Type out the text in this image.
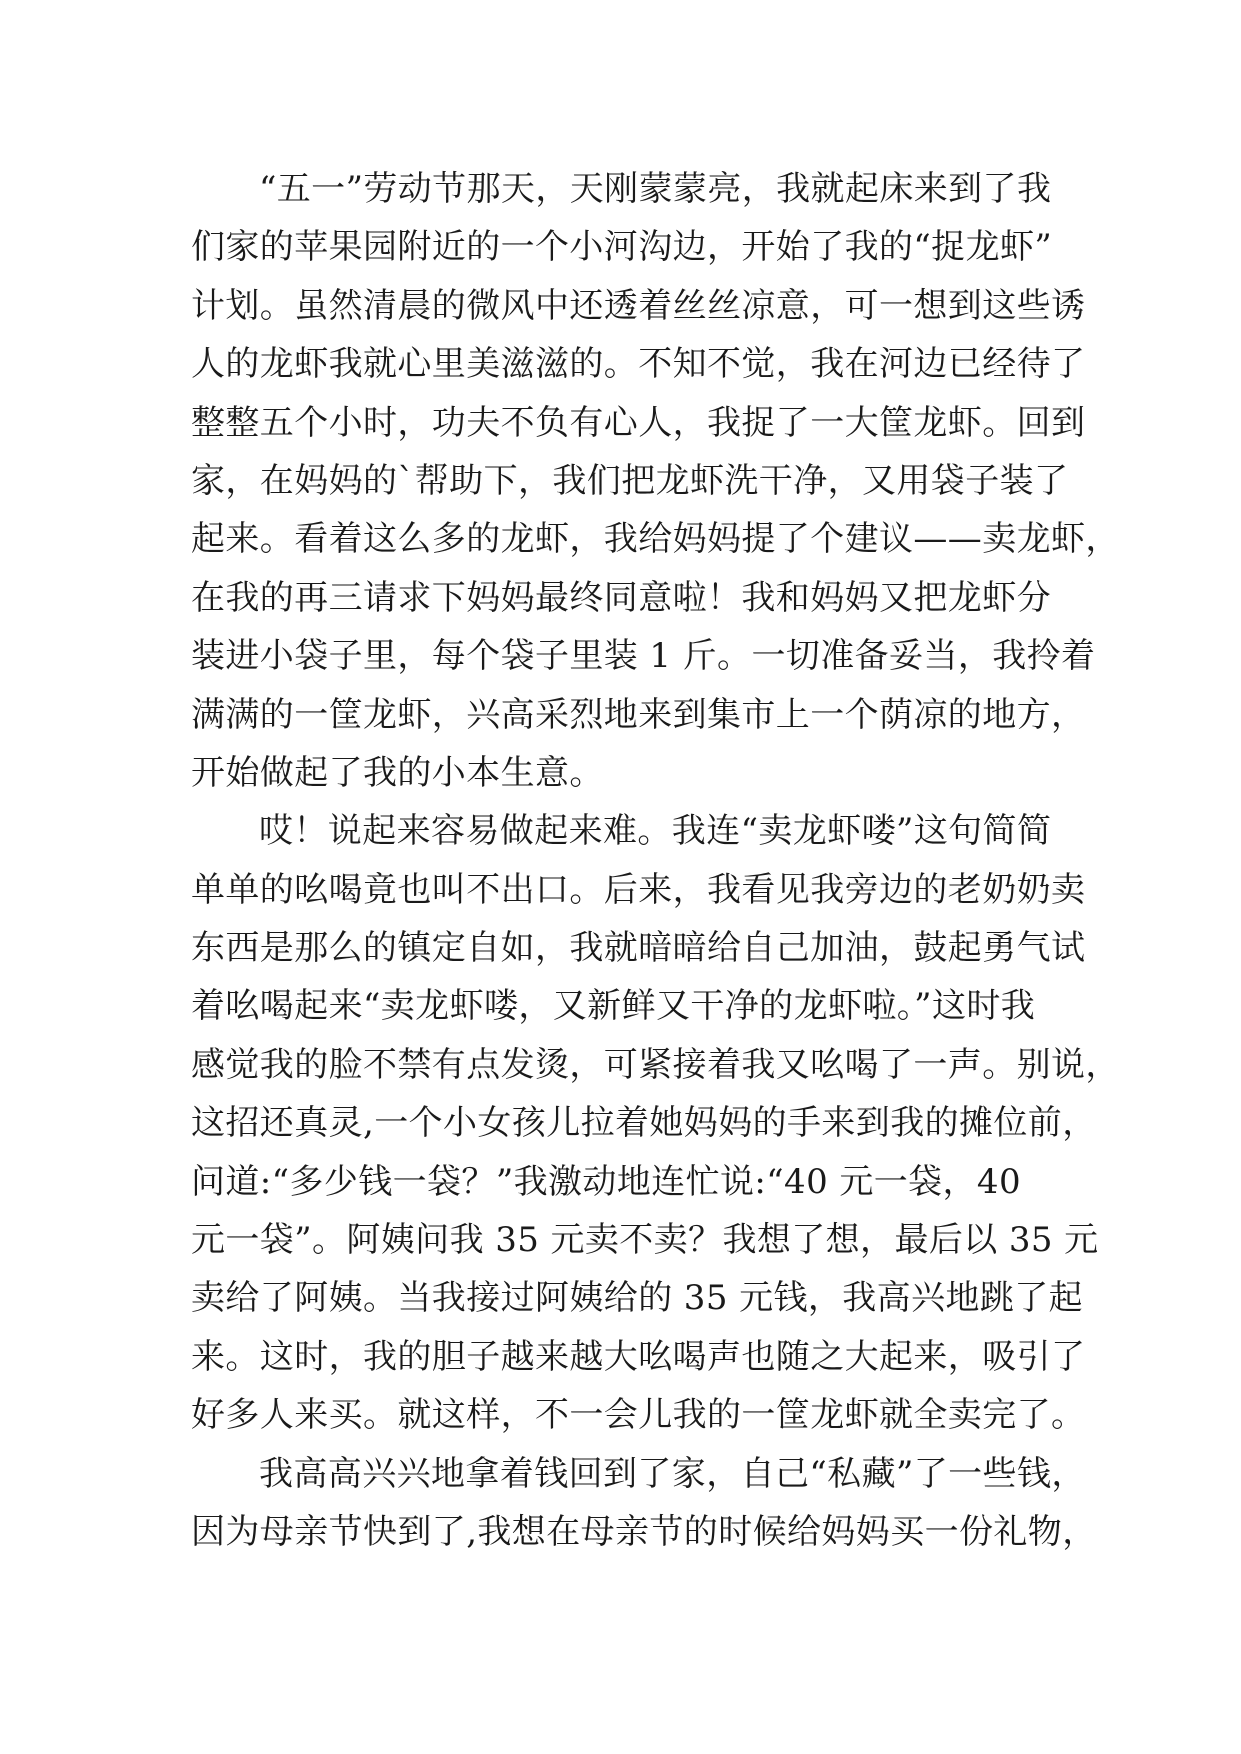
“五一”劳动节那天，天刚蒙蒙亮，我就起床来到了我
们家的苹果园附近的一个小河沟边，开始了我的“捉龙虾”
计划。虽然清晨的微风中还透着丝丝凉意，可一想到这些诱
人的龙虾我就心里美滋滋的。不知不觉，我在河边已经待了
整整五个小时，功夫不负有心人，我捉了一大筐龙虾。回到
家，在妈妈的`帮助下，我们把龙虾洗干净，又用袋子装了
起来。看着这么多的龙虾，我给妈妈提了个建议——卖龙虾，
在我的再三请求下妈妈最终同意啦！我和妈妈又把龙虾分
装进小袋子里，每个袋子里装 1 斤。一切准备妥当，我拎着
满满的一筐龙虾，兴高采烈地来到集市上一个荫凉的地方，
开始做起了我的小本生意。
哎！说起来容易做起来难。我连“卖龙虾喽”这句简简
单单的吆喝竟也叫不出口。后来，我看见我旁边的老奶奶卖
东西是那么的镇定自如，我就暗暗给自己加油，鼓起勇气试
着吆喝起来“卖龙虾喽，又新鲜又干净的龙虾啦。”这时我
感觉我的脸不禁有点发烫，可紧接着我又吆喝了一声。别说，
这招还真灵,一个小女孩儿拉着她妈妈的手来到我的摊位前，
问道:“多少钱一袋？”我激动地连忙说:“40 元一袋，40
元一袋”。阿姨问我 35 元卖不卖？我想了想，最后以 35 元
卖给了阿姨。当我接过阿姨给的 35 元钱，我高兴地跳了起
来。这时，我的胆子越来越大吆喝声也随之大起来，吸引了
好多人来买。就这样，不一会儿我的一筐龙虾就全卖完了。
我高高兴兴地拿着钱回到了家，自己“私藏”了一些钱，
因为母亲节快到了,我想在母亲节的时候给妈妈买一份礼物，
